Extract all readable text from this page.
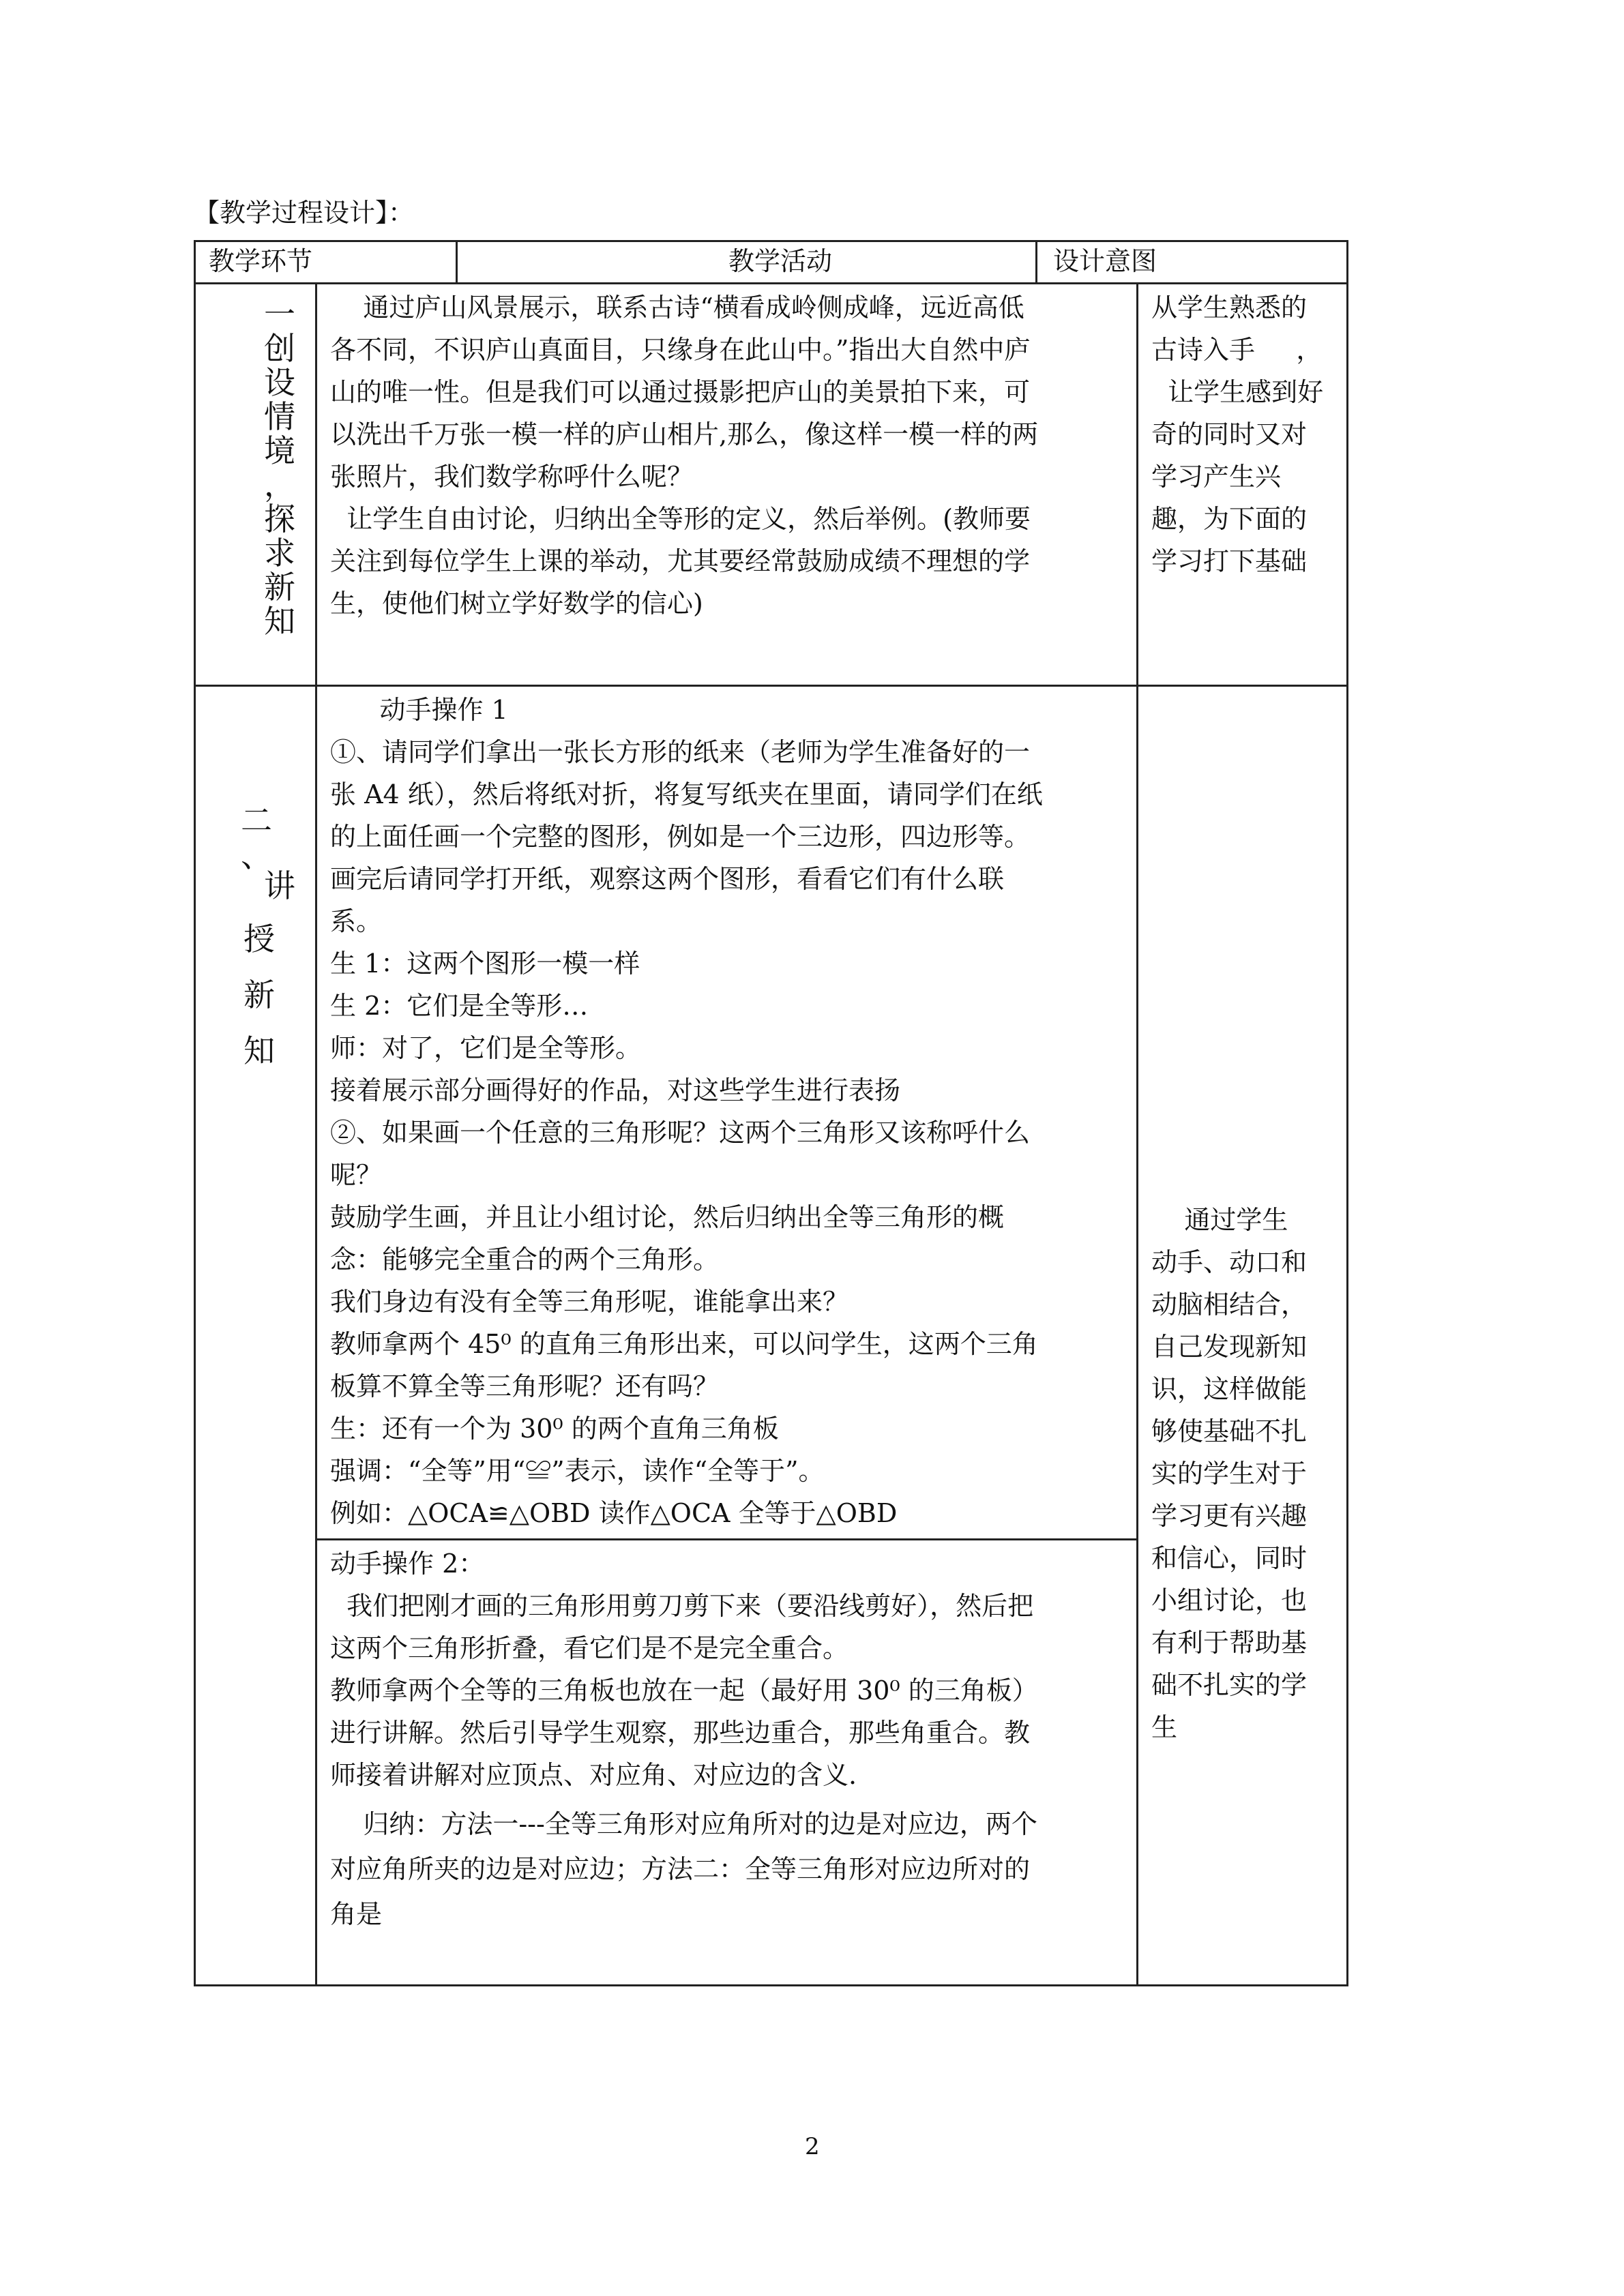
【教学过程设计】：
教学环节	教学活动	设计意图
一
创
设
情
境
，
探
求
新
知
通过庐山风景展示，联系古诗“横看成岭侧成峰，远近高低
各不同，不识庐山真面目，只缘身在此山中。”指出大自然中庐
山的唯一性。但是我们可以通过摄影把庐山的美景拍下来，可
以洗出千万张一模一样的庐山相片,那么，像这样一模一样的两
张照片，我们数学称呼什么呢？
让学生自由讨论，归纳出全等形的定义，然后举例。(教师要
关注到每位学生上课的举动，尤其要经常鼓励成绩不理想的学
生，使他们树立学好数学的信心)
从学生熟悉的
古诗入手     ，
让学生感到好
奇的同时又对
学习产生兴
趣，为下面的
学习打下基础
二
、
讲
授
新
知
动手操作 1
①、请同学们拿出一张长方形的纸来（老师为学生准备好的一
张 A4 纸），然后将纸对折，将复写纸夹在里面，请同学们在纸
的上面任画一个完整的图形，例如是一个三边形，四边形等。
画完后请同学打开纸，观察这两个图形，看看它们有什么联
系。
生 1：这两个图形一模一样
生 2：它们是全等形…
师：对了，它们是全等形。
接着展示部分画得好的作品，对这些学生进行表扬
②、如果画一个任意的三角形呢？这两个三角形又该称呼什么
呢？
鼓励学生画，并且让小组讨论，然后归纳出全等三角形的概
念：能够完全重合的两个三角形。
我们身边有没有全等三角形呢，谁能拿出来？
教师拿两个 45⁰ 的直角三角形出来，可以问学生，这两个三角
板算不算全等三角形呢？还有吗？
生：还有一个为 30⁰ 的两个直角三角板
强调：“全等”用“≌”表示，读作“全等于”。
例如：△OCA≌△OBD 读作△OCA 全等于△OBD
动手操作 2：
我们把刚才画的三角形用剪刀剪下来（要沿线剪好），然后把
这两个三角形折叠，看它们是不是完全重合。
教师拿两个全等的三角板也放在一起（最好用 30⁰ 的三角板）
进行讲解。然后引导学生观察，那些边重合，那些角重合。教
师接着讲解对应顶点、对应角、对应边的含义.
归纳：方法一---全等三角形对应角所对的边是对应边，两个
对应角所夹的边是对应边；方法二：全等三角形对应边所对的
角是
通过学生
动手、动口和
动脑相结合，
自己发现新知
识，这样做能
够使基础不扎
实的学生对于
学习更有兴趣
和信心，同时
小组讨论，也
有利于帮助基
础不扎实的学
生
2
